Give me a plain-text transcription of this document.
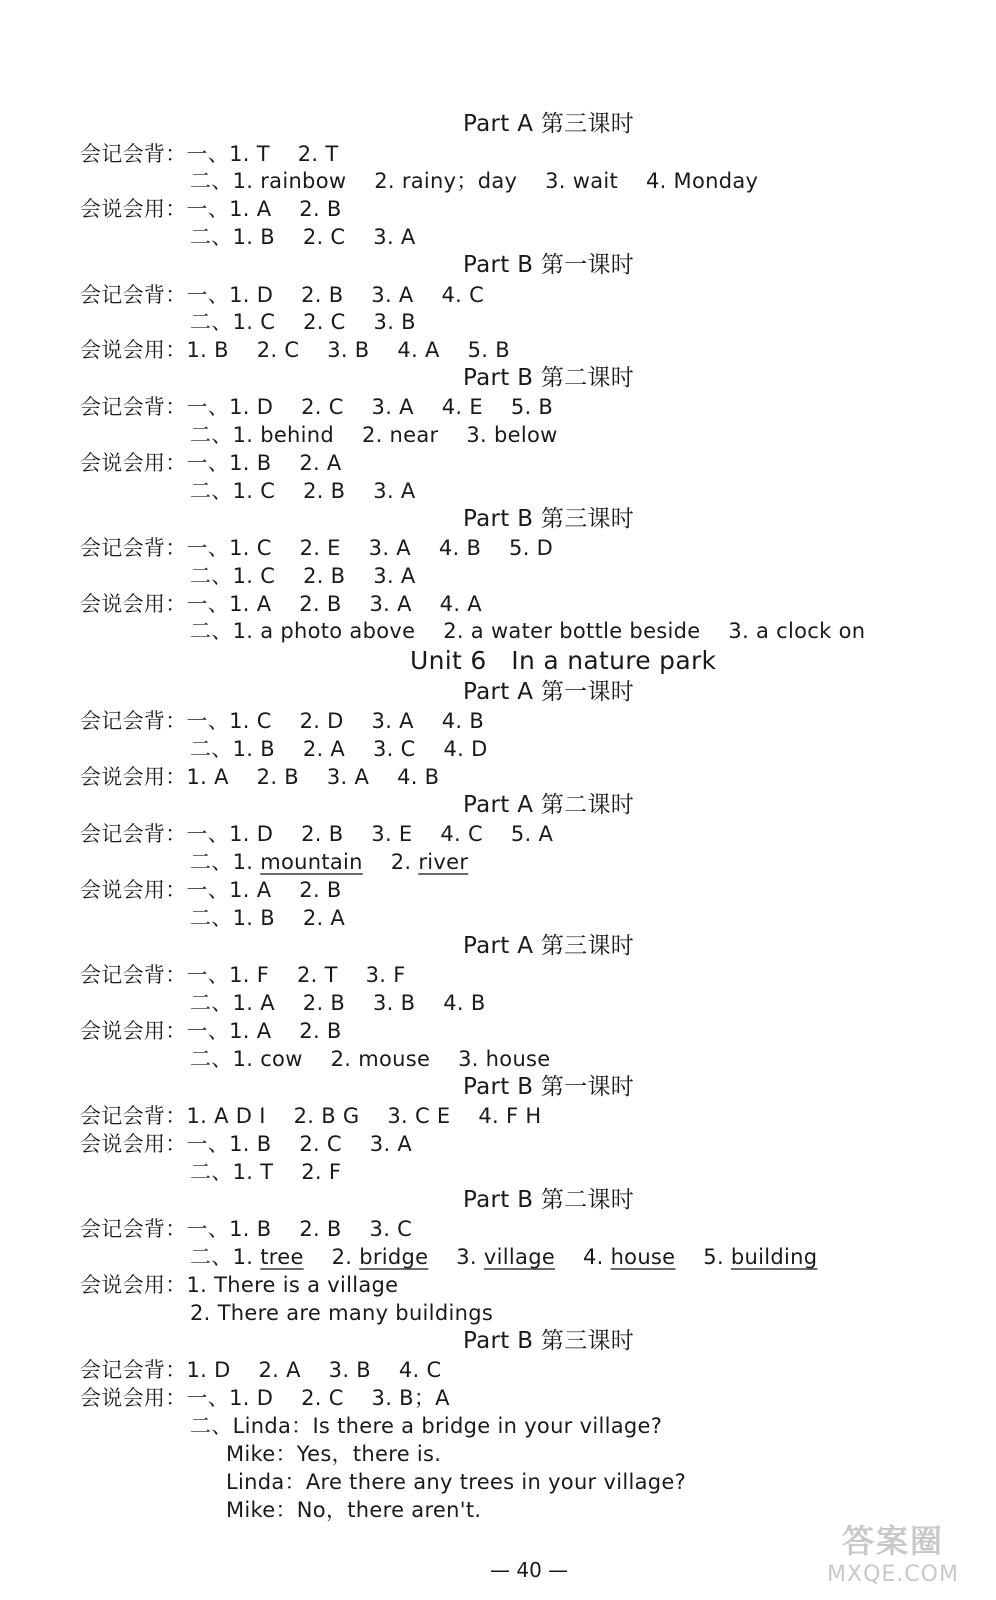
Part A 第三课时
会记会背：一、1. T    2. T
二、1. rainbow    2. rainy；day    3. wait    4. Monday
会说会用：一、1. A    2. B
二、1. B    2. C    3. A
Part B 第一课时
会记会背：一、1. D    2. B    3. A    4. C
二、1. C    2. C    3. B
会说会用：1. B    2. C    3. B    4. A    5. B
Part B 第二课时
会记会背：一、1. D    2. C    3. A    4. E    5. B
二、1. behind    2. near    3. below
会说会用：一、1. B    2. A
二、1. C    2. B    3. A
Part B 第三课时
会记会背：一、1. C    2. E    3. A    4. B    5. D
二、1. C    2. B    3. A
会说会用：一、1. A    2. B    3. A    4. A
二、1. a photo above    2. a water bottle beside    3. a clock on
Unit 6   In a nature park
Part A 第一课时
会记会背：一、1. C    2. D    3. A    4. B
二、1. B    2. A    3. C    4. D
会说会用：1. A    2. B    3. A    4. B
Part A 第二课时
会记会背：一、1. D    2. B    3. E    4. C    5. A
二、1. mountain    2. river
会说会用：一、1. A    2. B
二、1. B    2. A
Part A 第三课时
会记会背：一、1. F    2. T    3. F
二、1. A    2. B    3. B    4. B
会说会用：一、1. A    2. B
二、1. cow    2. mouse    3. house
Part B 第一课时
会记会背：1. A D I    2. B G    3. C E    4. F H
会说会用：一、1. B    2. C    3. A
二、1. T    2. F
Part B 第二课时
会记会背：一、1. B    2. B    3. C
二、1. tree    2. bridge    3. village    4. house    5. building
会说会用：1. There is a village
2. There are many buildings
Part B 第三课时
会记会背：1. D    2. A    3. B    4. C
会说会用：一、1. D    2. C    3. B；A
二、Linda：Is there a bridge in your village?
Mike：Yes，there is.
Linda：Are there any trees in your village?
Mike：No，there aren't.
— 40 —
答案圈
MXQE.COM
